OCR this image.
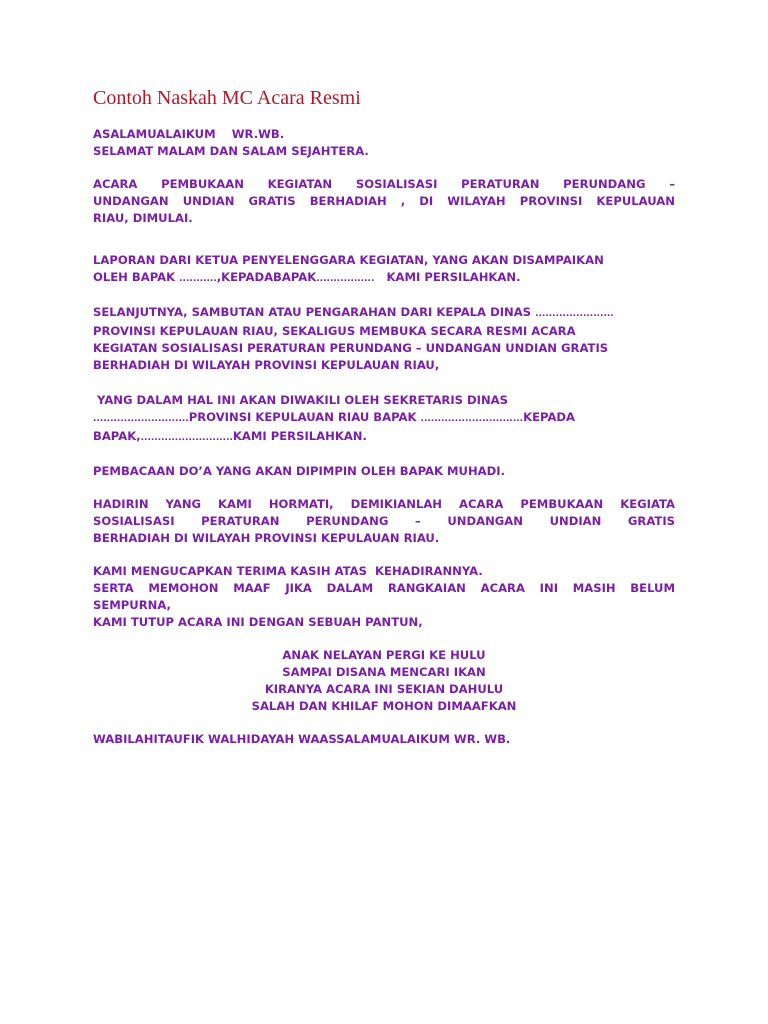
Contoh Naskah MC Acara Resmi
ASALAMUALAIKUM    WR.WB.
SELAMAT MALAM DAN SALAM SEJAHTERA.
ACARA PEMBUKAAN KEGIATAN SOSIALISASI PERATURAN PERUNDANG –
UNDANGAN UNDIAN GRATIS BERHADIAH , DI WILAYAH PROVINSI KEPULAUAN
RIAU, DIMULAI.
LAPORAN DARI KETUA PENYELENGGARA KEGIATAN, YANG AKAN DISAMPAIKAN
OLEH BAPAK ...........,KEPADABAPAK.................   KAMI PERSILAHKAN.
SELANJUTNYA, SAMBUTAN ATAU PENGARAHAN DARI KEPALA DINAS .......................
PROVINSI KEPULAUAN RIAU, SEKALIGUS MEMBUKA SECARA RESMI ACARA
KEGIATAN SOSIALISASI PERATURAN PERUNDANG – UNDANGAN UNDIAN GRATIS
BERHADIAH DI WILAYAH PROVINSI KEPULAUAN RIAU,
YANG DALAM HAL INI AKAN DIWAKILI OLEH SEKRETARIS DINAS
............................PROVINSI KEPULAUAN RIAU BAPAK ..............................KEPADA
BAPAK,...........................KAMI PERSILAHKAN.
PEMBACAAN DO’A YANG AKAN DIPIMPIN OLEH BAPAK MUHADI.
HADIRIN YANG KAMI HORMATI, DEMIKIANLAH ACARA PEMBUKAAN KEGIATA
SOSIALISASI PERATURAN PERUNDANG – UNDANGAN UNDIAN GRATIS
BERHADIAH DI WILAYAH PROVINSI KEPULAUAN RIAU.
KAMI MENGUCAPKAN TERIMA KASIH ATAS  KEHADIRANNYA.
SERTA MEMOHON MAAF JIKA DALAM RANGKAIAN ACARA INI MASIH BELUM
SEMPURNA,
KAMI TUTUP ACARA INI DENGAN SEBUAH PANTUN,
ANAK NELAYAN PERGI KE HULU
SAMPAI DISANA MENCARI IKAN
KIRANYA ACARA INI SEKIAN DAHULU
SALAH DAN KHILAF MOHON DIMAAFKAN
WABILAHITAUFIK WALHIDAYAH WAASSALAMUALAIKUM WR. WB.
